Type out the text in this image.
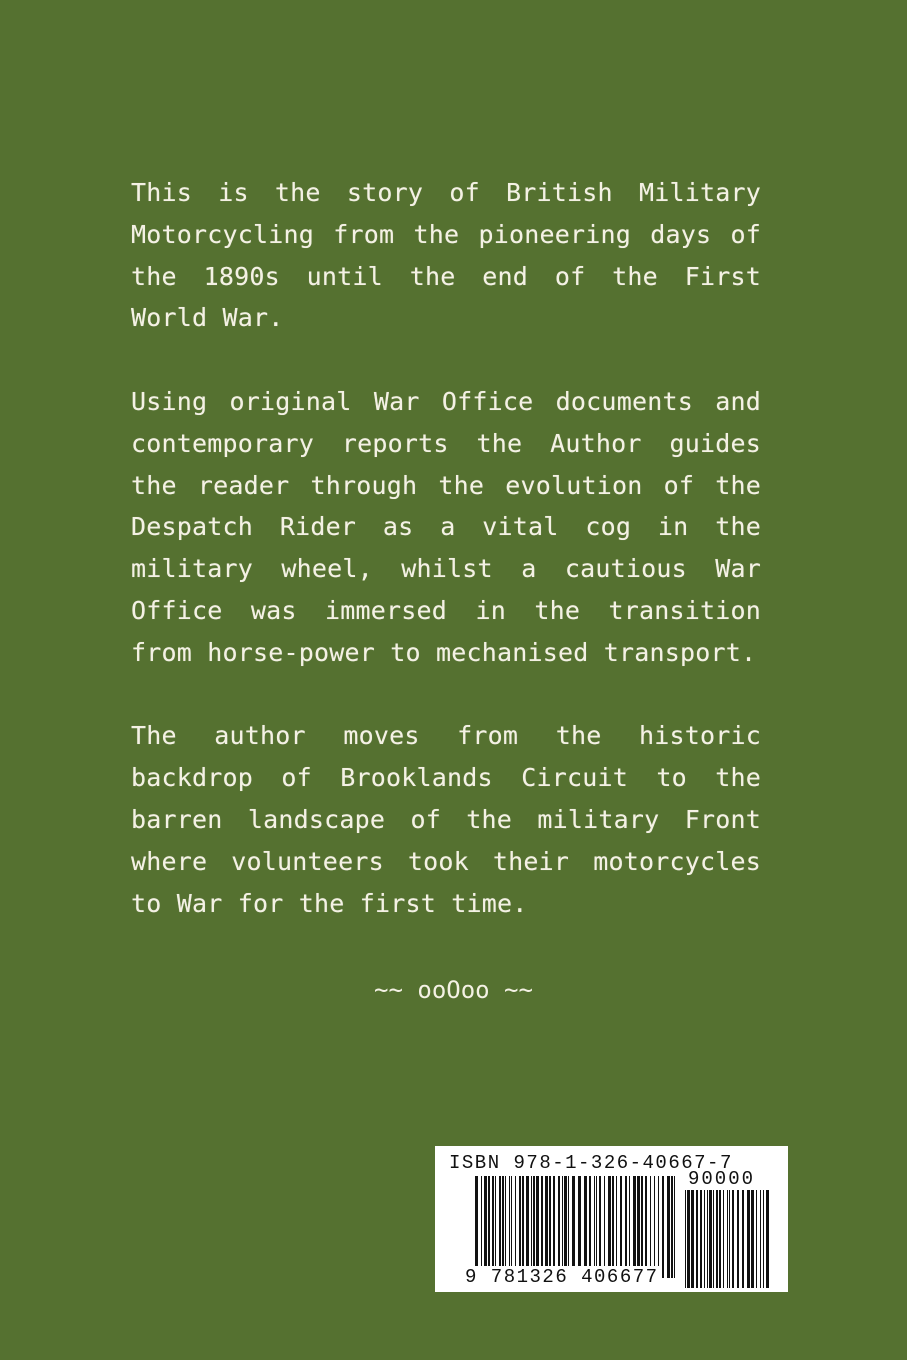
This is the story of British Military Motorcycling from the pioneering days of the 1890s until the end of the First World War.

Using original War Office documents and contemporary reports the Author guides the reader through the evolution of the Despatch Rider as a vital cog in the military wheel, whilst a cautious War Office was immersed in the transition from horse-power to mechanised transport.

The author moves from the historic backdrop of Brooklands Circuit to the barren landscape of the military Front where volunteers took their motorcycles to War for the first time.

~~ ooOoo ~~
ISBN 978-1-326-40667-7
90000
9 781326 406677
